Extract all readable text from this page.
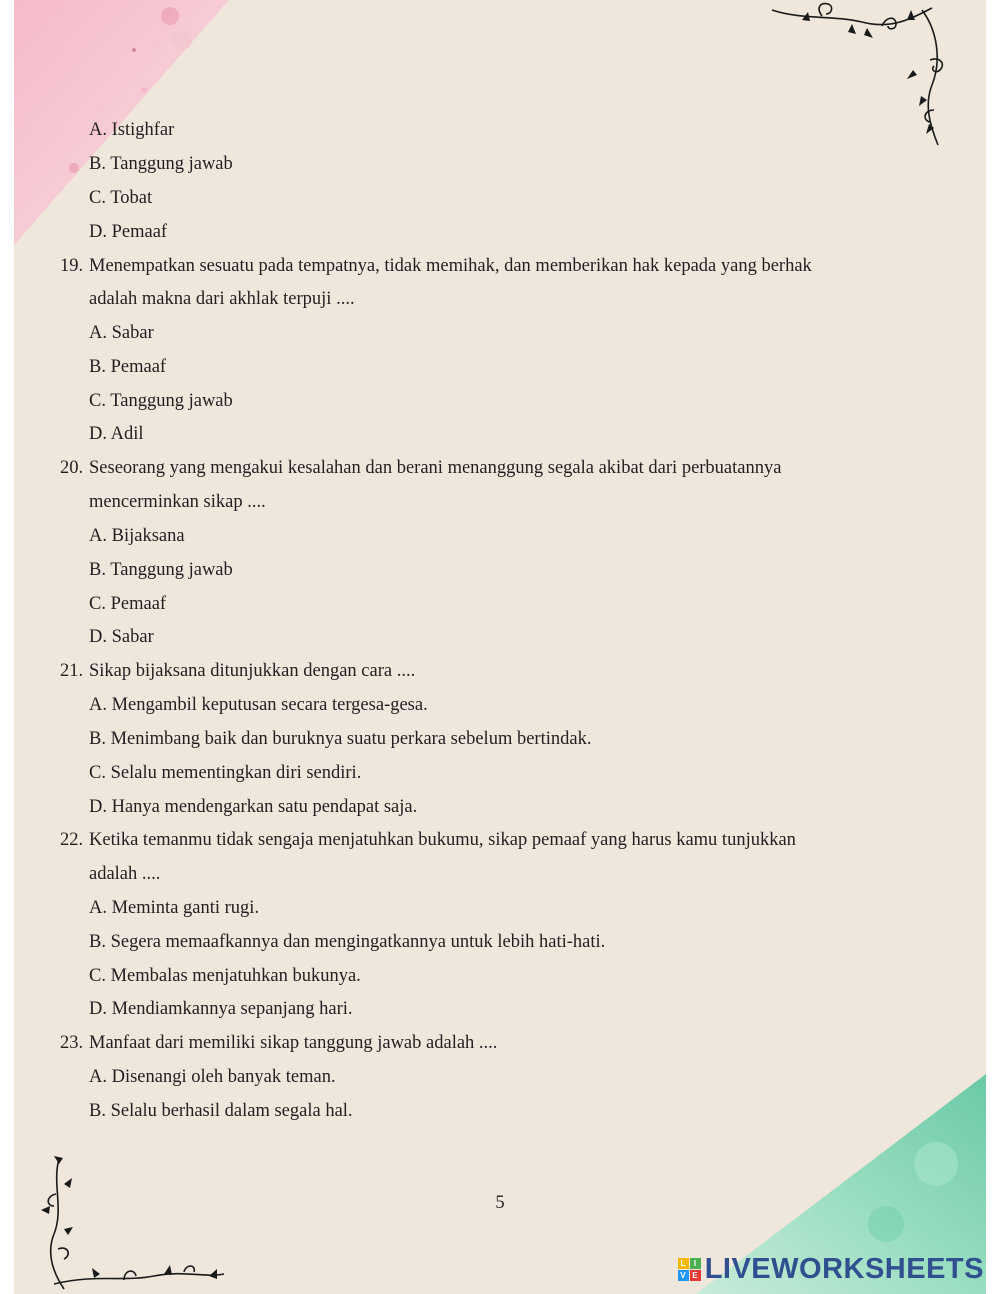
A. Istighfar
B. Tanggung jawab
C. Tobat
D. Pemaaf
19. Menempatkan sesuatu pada tempatnya, tidak memihak, dan memberikan hak kepada yang berhak
adalah makna dari akhlak terpuji ....
A. Sabar
B. Pemaaf
C. Tanggung jawab
D. Adil
20. Seseorang yang mengakui kesalahan dan berani menanggung segala akibat dari perbuatannya
mencerminkan sikap ....
A. Bijaksana
B. Tanggung jawab
C. Pemaaf
D. Sabar
21. Sikap bijaksana ditunjukkan dengan cara ....
A. Mengambil keputusan secara tergesa-gesa.
B. Menimbang baik dan buruknya suatu perkara sebelum bertindak.
C. Selalu mementingkan diri sendiri.
D. Hanya mendengarkan satu pendapat saja.
22. Ketika temanmu tidak sengaja menjatuhkan bukumu, sikap pemaaf yang harus kamu tunjukkan
adalah ....
A. Meminta ganti rugi.
B. Segera memaafkannya dan mengingatkannya untuk lebih hati-hati.
C. Membalas menjatuhkan bukunya.
D. Mendiamkannya sepanjang hari.
23. Manfaat dari memiliki sikap tanggung jawab adalah ....
A. Disenangi oleh banyak teman.
B. Selalu berhasil dalam segala hal.
5
L I
V E LIVEWORKSHEETS
